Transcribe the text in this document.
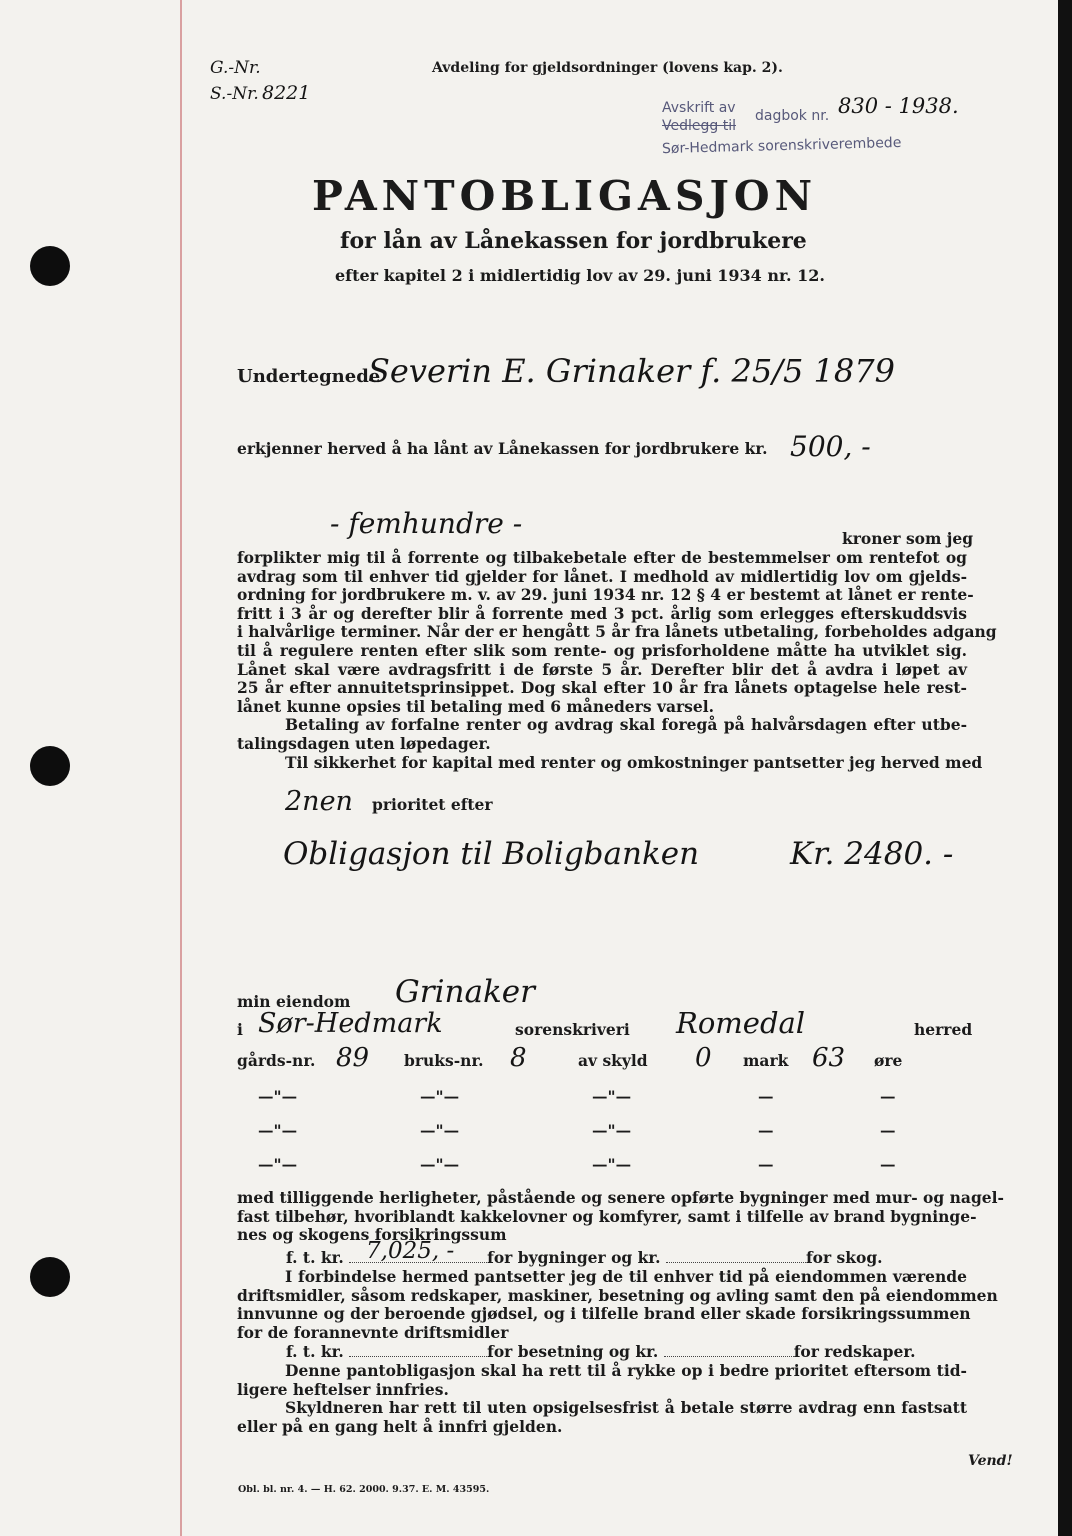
G.-Nr.
S.-Nr. 8221
Avdeling for gjeldsordninger (lovens kap. 2).
Avskrift av dagbok nr. 830 - 1938.
Vedlegg til
Sør-Hedmark sorenskriverembede
PANTOBLIGASJON
for lån av Lånekassen for jordbrukere
efter kapitel 2 i midlertidig lov av 29. juni 1934 nr. 12.
Undertegnede
Severin E. Grinaker f. 25/5 1879
erkjenner herved å ha lånt av Lånekassen for jordbrukere kr. 500, -
- femhundre -	kroner som jeg
forplikter mig til å forrente og tilbakebetale efter de bestemmelser om rentefot og
avdrag som til enhver tid gjelder for lånet. I medhold av midlertidig lov om gjelds-
ordning for jordbrukere m. v. av 29. juni 1934 nr. 12 § 4 er bestemt at lånet er rente-
fritt i 3 år og derefter blir å forrente med 3 pct. årlig som erlegges efterskuddsvis
i halvårlige terminer. Når der er hengått 5 år fra lånets utbetaling, forbeholdes adgang
til å regulere renten efter slik som rente- og prisforholdene måtte ha utviklet sig.
Lånet skal være avdragsfritt i de første 5 år. Derefter blir det å avdra i løpet av
25 år efter annuitetsprinsippet. Dog skal efter 10 år fra lånets optagelse hele rest-
lånet kunne opsies til betaling med 6 måneders varsel.
Betaling av forfalne renter og avdrag skal foregå på halvårsdagen efter utbe-
talingsdagen uten løpedager.
Til sikkerhet for kapital med renter og omkostninger pantsetter jeg herved med
2nen prioritet efter
Obligasjon til Boligbanken	Kr. 2480. -
min eiendom Grinaker
i Sør-Hedmark	sorenskriveri Romedal	herred
gårds-nr. 89 bruks-nr. 8	av skyld 0 mark 63 øre
—"—	—"—	—"—	—	—
—"—	—"—	—"—	—	—
—"—	—"—	—"—	—	—
med tilliggende herligheter, påstående og senere opførte bygninger med mur- og nagel-
fast tilbehør, hvoriblandt kakkelovner og komfyrer, samt i tilfelle av brand bygninge-
nes og skogens forsikringssum
f. t. kr.	for bygninger og kr.	for skog.
7,025, -
I forbindelse hermed pantsetter jeg de til enhver tid på eiendommen værende
driftsmidler, såsom redskaper, maskiner, besetning og avling samt den på eiendommen
innvunne og der beroende gjødsel, og i tilfelle brand eller skade forsikringssummen
for de forannevnte driftsmidler
f. t. kr.	for besetning og kr.	for redskaper.
Denne pantobligasjon skal ha rett til å rykke op i bedre prioritet eftersom tid-
ligere heftelser innfries.
Skyldneren har rett til uten opsigelsesfrist å betale større avdrag enn fastsatt
eller på en gang helt å innfri gjelden.
Vend!
Obl. bl. nr. 4. — H. 62. 2000. 9.37. E. M. 43595.
